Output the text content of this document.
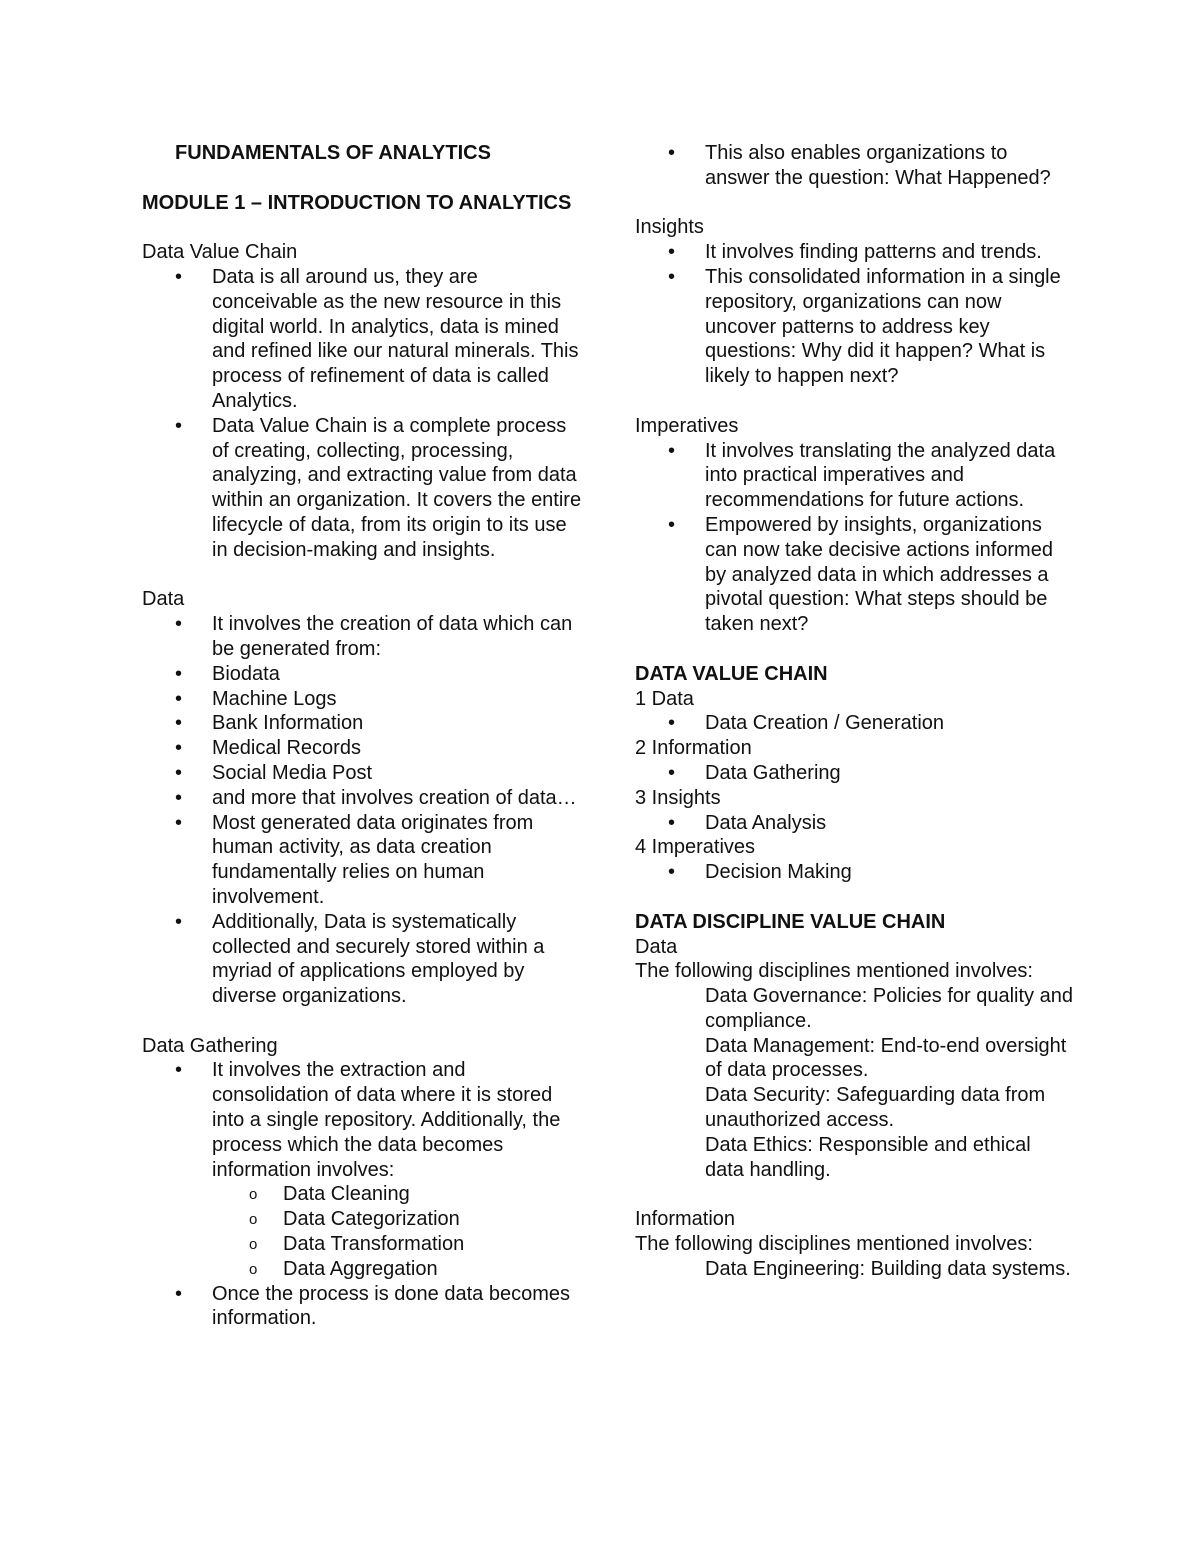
FUNDAMENTALS OF ANALYTICS
MODULE 1 – INTRODUCTION TO ANALYTICS
Data Value Chain
• Data is all around us, they are conceivable as the new resource in this digital world. In analytics, data is mined and refined like our natural minerals. This process of refinement of data is called Analytics.
• Data Value Chain is a complete process of creating, collecting, processing, analyzing, and extracting value from data within an organization. It covers the entire lifecycle of data, from its origin to its use in decision-making and insights.
Data
• It involves the creation of data which can be generated from:
• Biodata
• Machine Logs
• Bank Information
• Medical Records
• Social Media Post
• and more that involves creation of data…
• Most generated data originates from human activity, as data creation fundamentally relies on human involvement.
• Additionally, Data is systematically collected and securely stored within a myriad of applications employed by diverse organizations.
Data Gathering
• It involves the extraction and consolidation of data where it is stored into a single repository. Additionally, the process which the data becomes information involves:
o Data Cleaning
o Data Categorization
o Data Transformation
o Data Aggregation
• Once the process is done data becomes information.
• This also enables organizations to answer the question: What Happened?
Insights
• It involves finding patterns and trends.
• This consolidated information in a single repository, organizations can now uncover patterns to address key questions: Why did it happen? What is likely to happen next?
Imperatives
• It involves translating the analyzed data into practical imperatives and recommendations for future actions.
• Empowered by insights, organizations can now take decisive actions informed by analyzed data in which addresses a pivotal question: What steps should be taken next?
DATA VALUE CHAIN
1 Data
• Data Creation / Generation
2 Information
• Data Gathering
3 Insights
• Data Analysis
4 Imperatives
• Decision Making
DATA DISCIPLINE VALUE CHAIN
Data
The following disciplines mentioned involves:
Data Governance: Policies for quality and compliance.
Data Management: End-to-end oversight of data processes.
Data Security: Safeguarding data from unauthorized access.
Data Ethics: Responsible and ethical data handling.
Information
The following disciplines mentioned involves:
Data Engineering: Building data systems.
